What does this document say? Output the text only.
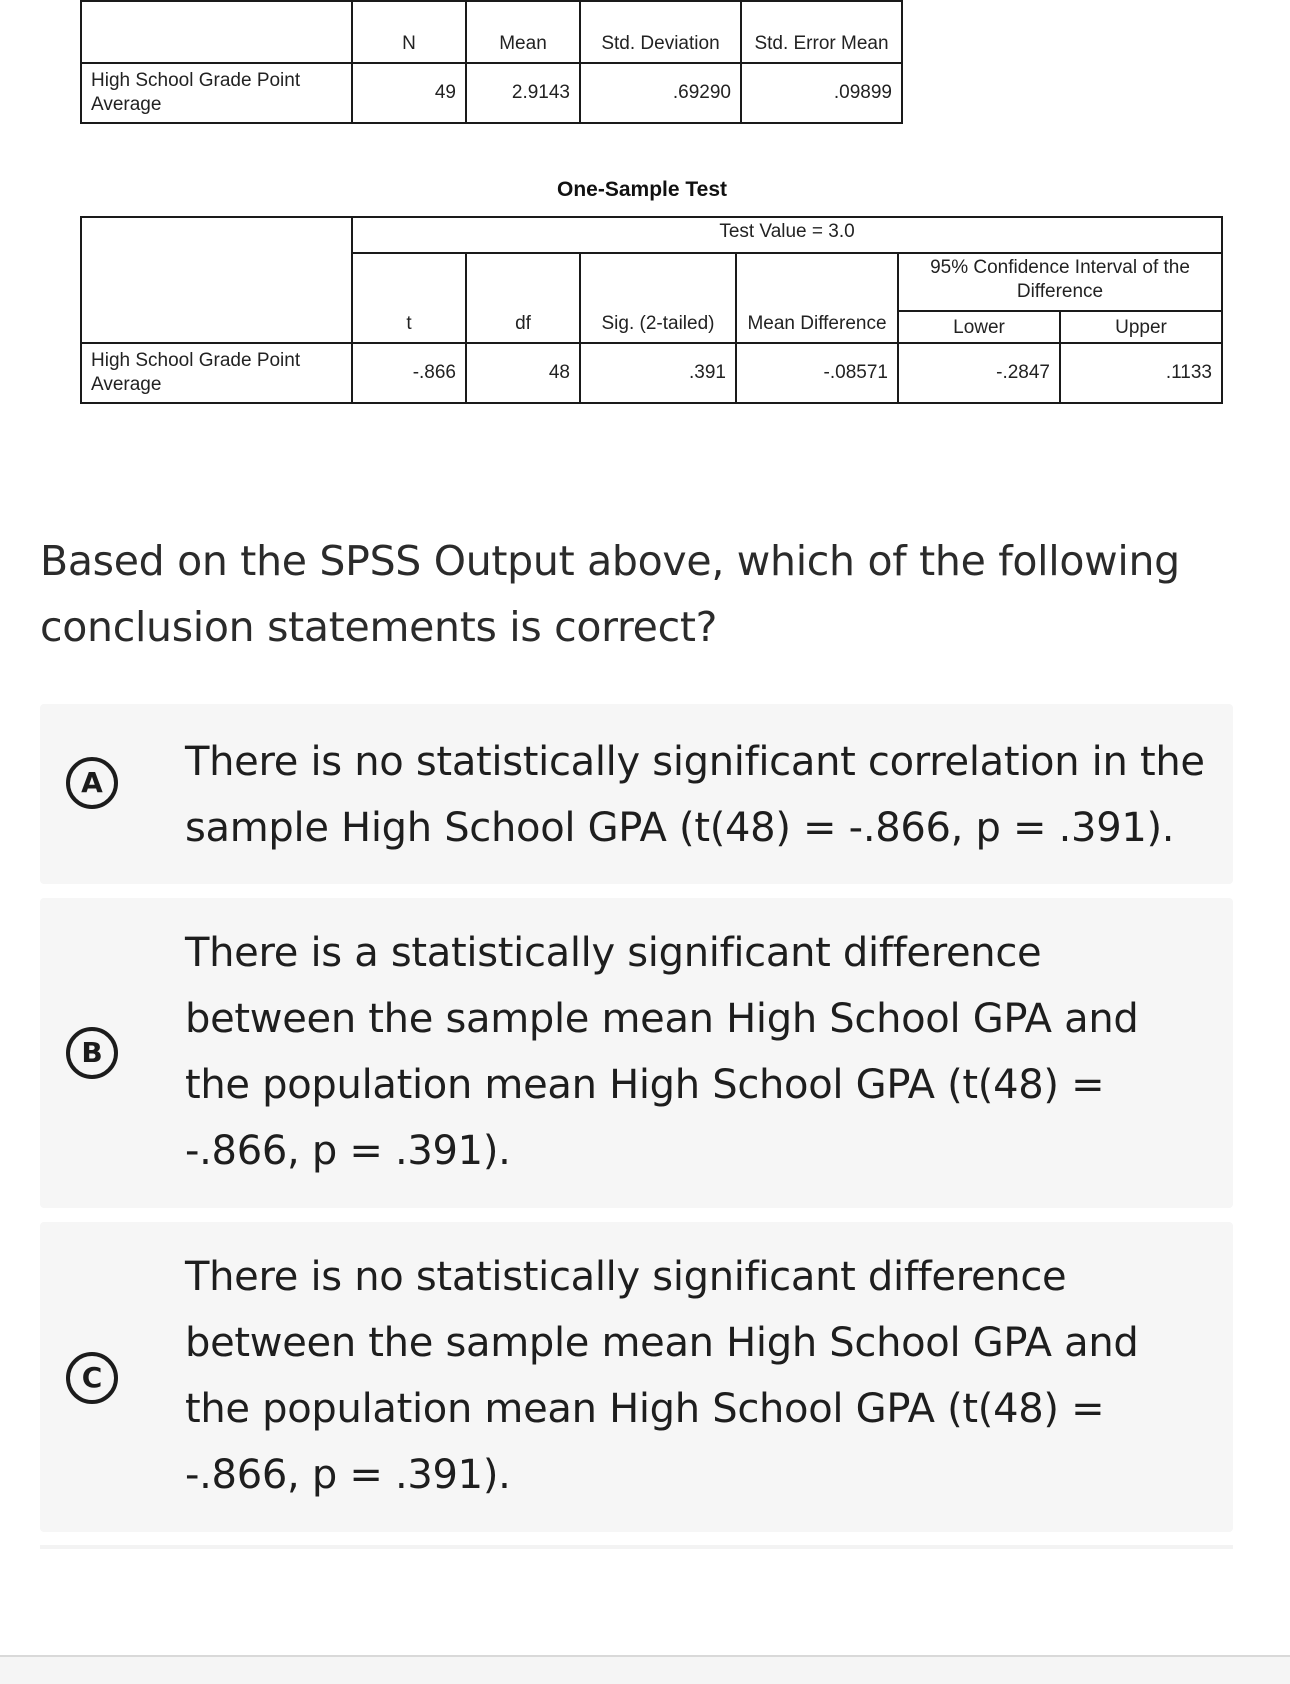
	N	Mean	Std. Deviation	Std. Error Mean
High School Grade Point Average	49	2.9143	.69290	.09899
One-Sample Test
	Test Value = 3.0					
	t	df	Sig. (2-tailed)	Mean Difference	95% Confidence Interval of the Difference	
					Lower	Upper
High School Grade Point Average	-.866	48	.391	-.08571	-.2847	.1133
Based on the SPSS Output above, which of the following conclusion statements is correct?
A	There is no statistically significant correlation in the sample High School GPA (t(48) = -.866, p = .391).
B
There is a statistically significant difference between the sample mean High School GPA and the population mean High School GPA (t(48) = -.866, p = .391).
C
There is no statistically significant difference between the sample mean High School GPA and the population mean High School GPA (t(48) = -.866, p = .391).
